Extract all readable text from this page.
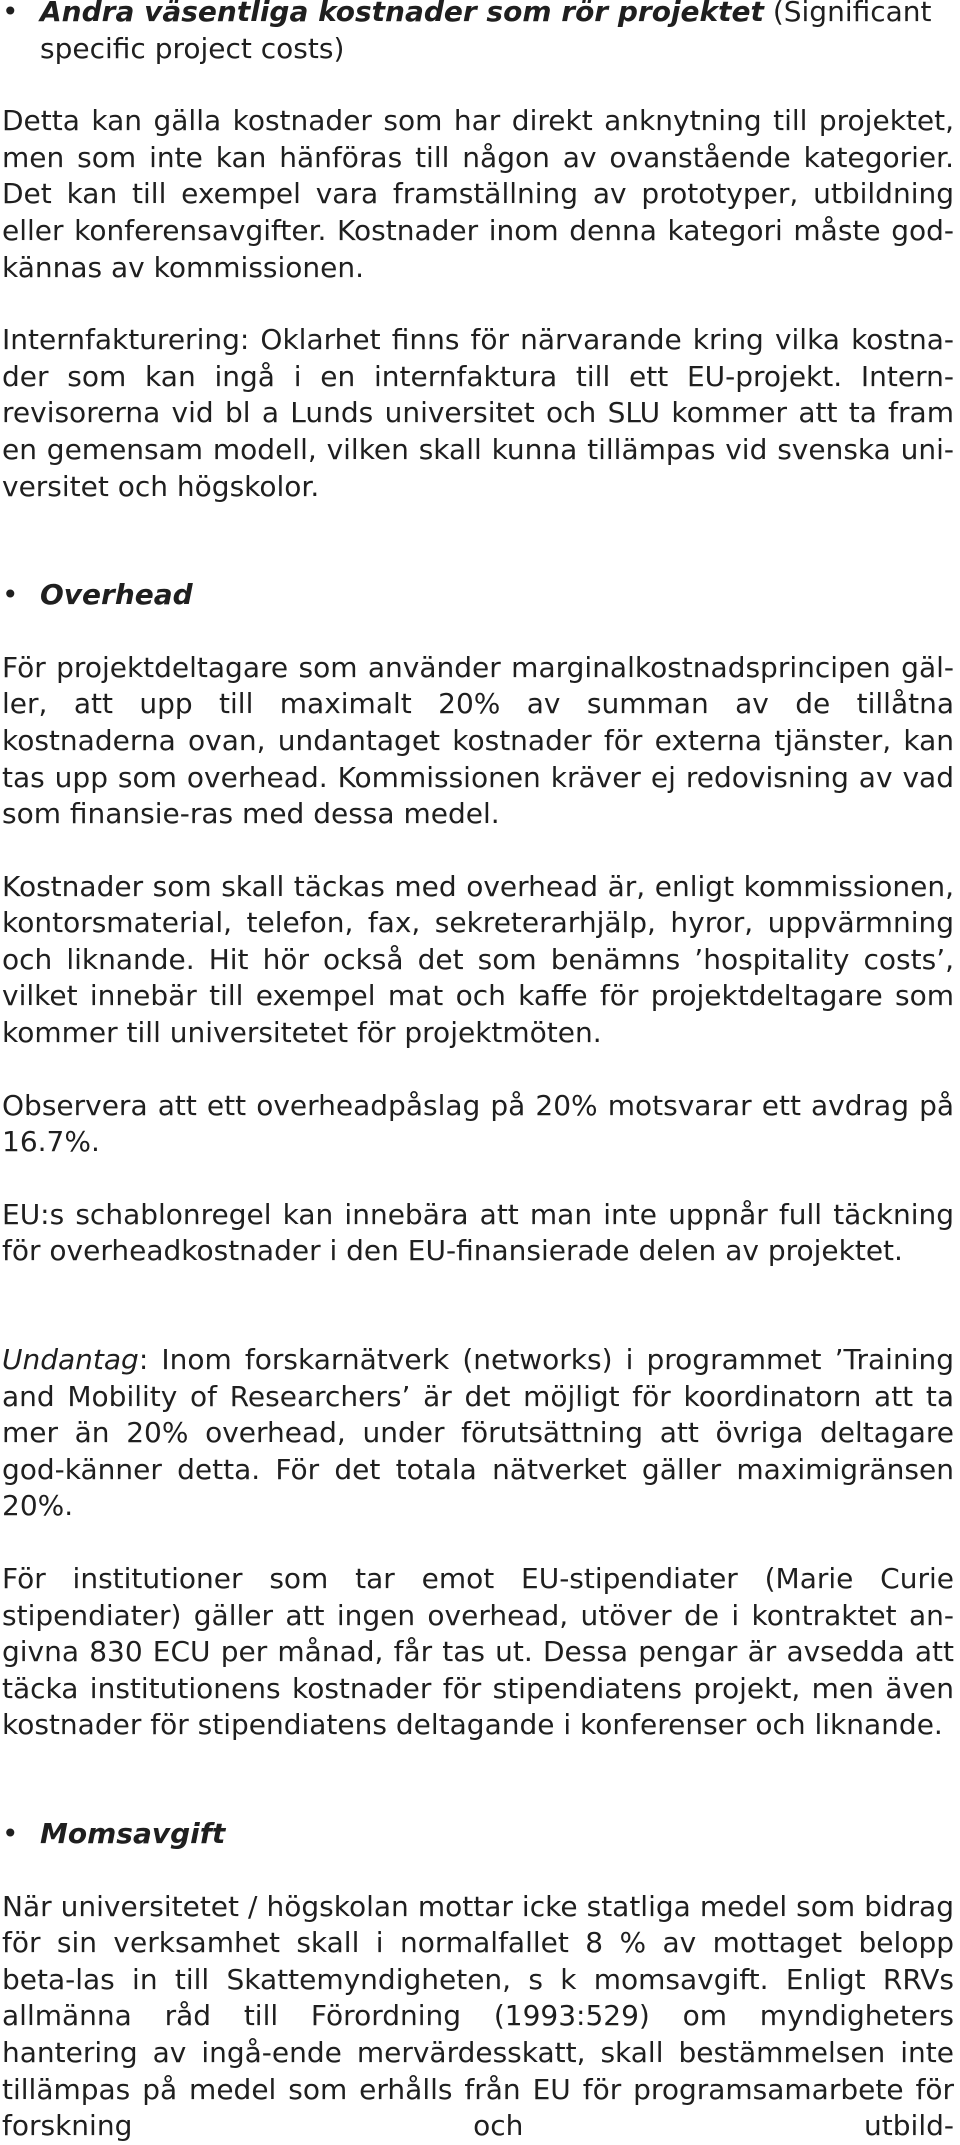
• Andra väsentliga kostnader som rör projektet (Significant specific project costs)

Detta kan gälla kostnader som har direkt anknytning till projektet, men som inte kan hänföras till någon av ovanstående kategorier. Det kan till exempel vara framställning av prototyper, utbildning eller konferensavgifter. Kostnader inom denna kategori måste god-kännas av kommissionen.

Internfakturering: Oklarhet finns för närvarande kring vilka kostna-der som kan ingå i en internfaktura till ett EU-projekt. Intern-revisorerna vid bl a Lunds universitet och SLU kommer att ta fram en gemensam modell, vilken skall kunna tillämpas vid svenska uni-versitet och högskolor.

• Overhead

För projektdeltagare som använder marginalkostnadsprincipen gäl-ler, att upp till maximalt 20% av summan av de tillåtna kostnaderna ovan, undantaget kostnader för externa tjänster, kan tas upp som overhead. Kommissionen kräver ej redovisning av vad som finansie-ras med dessa medel.

Kostnader som skall täckas med overhead är, enligt kommissionen, kontorsmaterial, telefon, fax, sekreterarhjälp, hyror, uppvärmning och liknande. Hit hör också det som benämns ’hospitality costs’, vilket innebär till exempel mat och kaffe för projektdeltagare som kommer till universitetet för projektmöten.

Observera att ett overheadpåslag på 20% motsvarar ett avdrag på 16.7%.

EU:s schablonregel kan innebära att man inte uppnår full täckning för overheadkostnader i den EU-finansierade delen av projektet.

Undantag: Inom forskarnätverk (networks) i programmet ’Training and Mobility of Researchers’ är det möjligt för koordinatorn att ta mer än 20% overhead, under förutsättning att övriga deltagare god-känner detta. För det totala nätverket gäller maximigränsen 20%.

För institutioner som tar emot EU-stipendiater (Marie Curie stipendiater) gäller att ingen overhead, utöver de i kontraktet an-givna 830 ECU per månad, får tas ut. Dessa pengar är avsedda att täcka institutionens kostnader för stipendiatens projekt, men även kostnader för stipendiatens deltagande i konferenser och liknande.

• Momsavgift

När universitetet / högskolan mottar icke statliga medel som bidrag för sin verksamhet skall i normalfallet 8 % av mottaget belopp beta-las in till Skattemyndigheten, s k momsavgift. Enligt RRVs allmänna råd till Förordning (1993:529) om myndigheters hantering av ingå-ende mervärdesskatt, skall bestämmelsen inte tillämpas på medel som erhålls från EU för programsamarbete för forskning och utbild-
